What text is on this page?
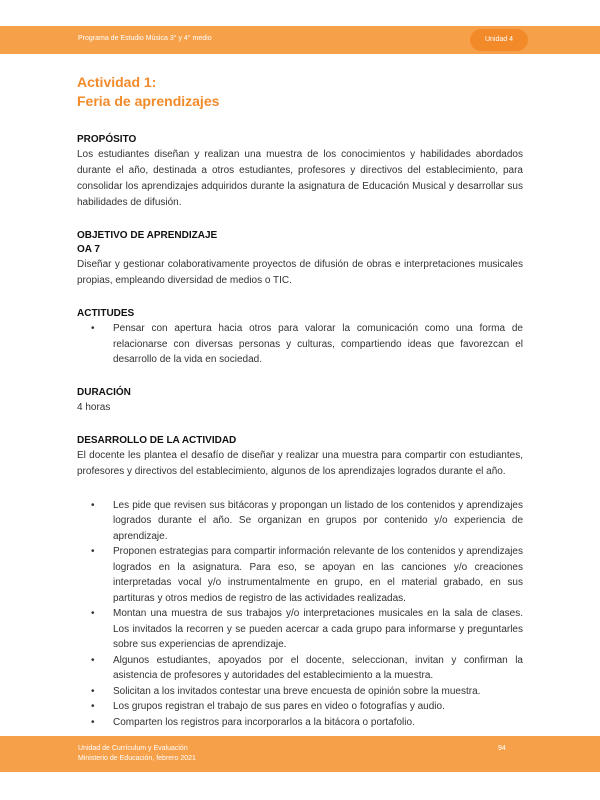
Programa de Estudio Música 3° y 4° medio	Unidad 4
Actividad 1:
Feria de aprendizajes

PROPÓSITO

Los estudiantes diseñan y realizan una muestra de los conocimientos y habilidades abordados durante el año, destinada a otros estudiantes, profesores y directivos del establecimiento, para consolidar los aprendizajes adquiridos durante la asignatura de Educación Musical y desarrollar sus habilidades de difusión.

OBJETIVO DE APRENDIZAJE

OA 7

Diseñar y gestionar colaborativamente proyectos de difusión de obras e interpretaciones musicales propias, empleando diversidad de medios o TIC.

ACTITUDES

• Pensar con apertura hacia otros para valorar la comunicación como una forma de relacionarse con diversas personas y culturas, compartiendo ideas que favorezcan el desarrollo de la vida en sociedad.

DURACIÓN

4 horas

DESARROLLO DE LA ACTIVIDAD

El docente les plantea el desafío de diseñar y realizar una muestra para compartir con estudiantes, profesores y directivos del establecimiento, algunos de los aprendizajes logrados durante el año.

• Les pide que revisen sus bitácoras y propongan un listado de los contenidos y aprendizajes logrados durante el año. Se organizan en grupos por contenido y/o experiencia de aprendizaje.
• Proponen estrategias para compartir información relevante de los contenidos y aprendizajes logrados en la asignatura. Para eso, se apoyan en las canciones y/o creaciones interpretadas vocal y/o instrumentalmente en grupo, en el material grabado, en sus partituras y otros medios de registro de las actividades realizadas.
• Montan una muestra de sus trabajos y/o interpretaciones musicales en la sala de clases. Los invitados la recorren y se pueden acercar a cada grupo para informarse y preguntarles sobre sus experiencias de aprendizaje.
• Algunos estudiantes, apoyados por el docente, seleccionan, invitan y confirman la asistencia de profesores y autoridades del establecimiento a la muestra.
• Solicitan a los invitados contestar una breve encuesta de opinión sobre la muestra.
• Los grupos registran el trabajo de sus pares en video o fotografías y audio.
• Comparten los registros para incorporarlos a la bitácora o portafolio.
Unidad de Currículum y Evaluación
Ministerio de Educación, febrero 2021
94
